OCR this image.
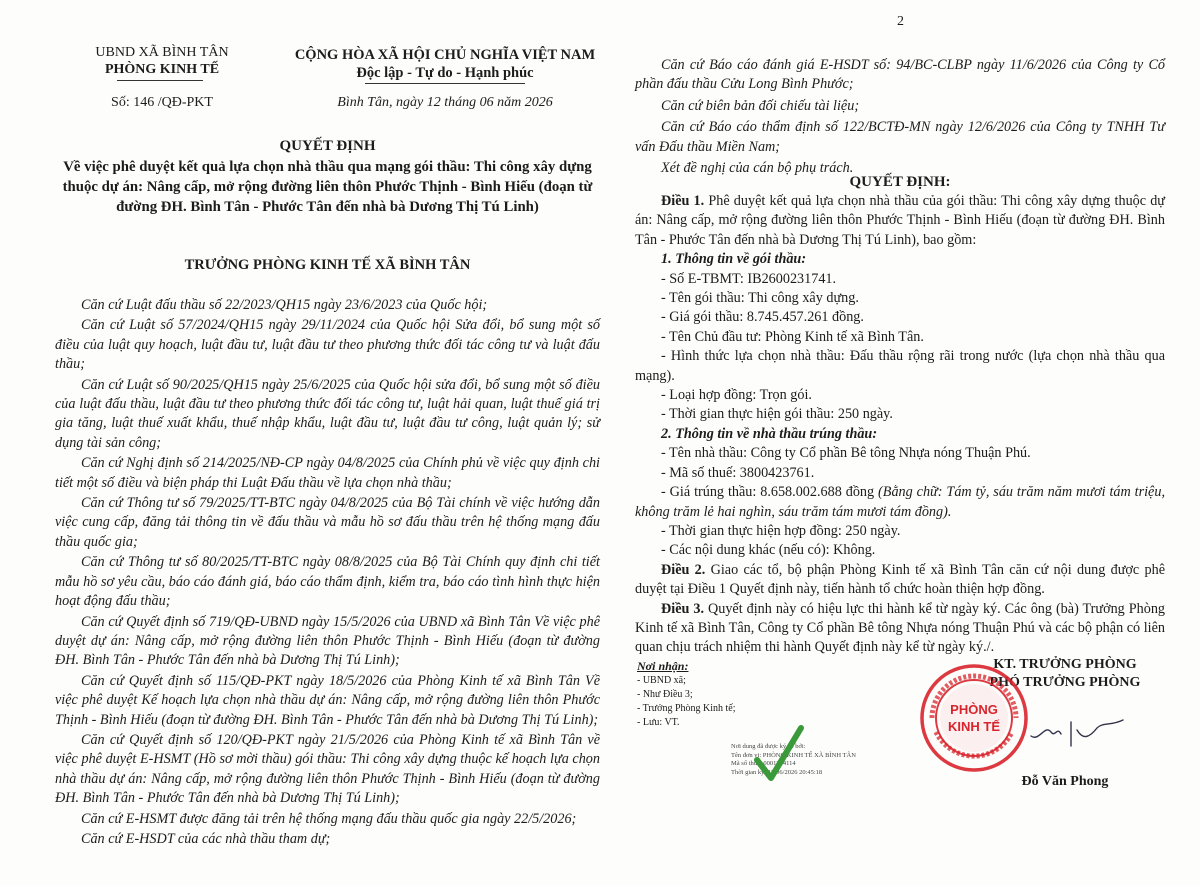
UBND XÃ BÌNH TÂN
PHÒNG KINH TẾ
Số: 146 /QĐ-PKT
CỘNG HÒA XÃ HỘI CHỦ NGHĨA VIỆT NAM
Độc lập - Tự do - Hạnh phúc
Bình Tân, ngày 12 tháng 06 năm 2026
QUYẾT ĐỊNH
Về việc phê duyệt kết quả lựa chọn nhà thầu qua mạng gói thầu: Thi công xây dựng thuộc dự án: Nâng cấp, mở rộng đường liên thôn Phước Thịnh - Bình Hiếu (đoạn từ đường ĐH. Bình Tân - Phước Tân đến nhà bà Dương Thị Tú Linh)
TRƯỞNG PHÒNG KINH TẾ XÃ BÌNH TÂN

Căn cứ Luật đấu thầu số 22/2023/QH15 ngày 23/6/2023 của Quốc hội;

Căn cứ Luật số 57/2024/QH15 ngày 29/11/2024 của Quốc hội Sửa đổi, bổ sung một số điều của luật quy hoạch, luật đầu tư, luật đầu tư theo phương thức đối tác công tư và luật đấu thầu;

Căn cứ Luật số 90/2025/QH15 ngày 25/6/2025 của Quốc hội sửa đổi, bổ sung một số điều của luật đấu thầu, luật đầu tư theo phương thức đối tác công tư, luật hải quan, luật thuế giá trị gia tăng, luật thuế xuất khẩu, thuế nhập khẩu, luật đầu tư, luật đầu tư công, luật quản lý; sử dụng tài sản công;

Căn cứ Nghị định số 214/2025/NĐ-CP ngày 04/8/2025 của Chính phủ về việc quy định chi tiết một số điều và biện pháp thi Luật Đấu thầu về lựa chọn nhà thầu;

Căn cứ Thông tư số 79/2025/TT-BTC ngày 04/8/2025 của Bộ Tài chính về việc hướng dẫn việc cung cấp, đăng tải thông tin về đấu thầu và mẫu hồ sơ đấu thầu trên hệ thống mạng đấu thầu quốc gia;

Căn cứ Thông tư số 80/2025/TT-BTC ngày 08/8/2025 của Bộ Tài Chính quy định chi tiết mẫu hồ sơ yêu cầu, báo cáo đánh giá, báo cáo thẩm định, kiểm tra, báo cáo tình hình thực hiện hoạt động đấu thầu;

Căn cứ Quyết định số 719/QĐ-UBND ngày 15/5/2026 của UBND xã Bình Tân Về việc phê duyệt dự án: Nâng cấp, mở rộng đường liên thôn Phước Thịnh - Bình Hiếu (đoạn từ đường ĐH. Bình Tân - Phước Tân đến nhà bà Dương Thị Tú Linh);

Căn cứ Quyết định số 115/QĐ-PKT ngày 18/5/2026 của Phòng Kinh tế xã Bình Tân Về việc phê duyệt Kế hoạch lựa chọn nhà thầu dự án: Nâng cấp, mở rộng đường liên thôn Phước Thịnh - Bình Hiếu (đoạn từ đường ĐH. Bình Tân - Phước Tân đến nhà bà Dương Thị Tú Linh);

Căn cứ Quyết định số 120/QĐ-PKT ngày 21/5/2026 của Phòng Kinh tế xã Bình Tân về việc phê duyệt E-HSMT (Hồ sơ mời thầu) gói thầu: Thi công xây dựng thuộc kế hoạch lựa chọn nhà thầu dự án: Nâng cấp, mở rộng đường liên thôn Phước Thịnh - Bình Hiếu (đoạn từ đường ĐH. Bình Tân - Phước Tân đến nhà bà Dương Thị Tú Linh);

Căn cứ E-HSMT được đăng tải trên hệ thống mạng đấu thầu quốc gia ngày 22/5/2026;

Căn cứ E-HSDT của các nhà thầu tham dự;

2

Căn cứ Báo cáo đánh giá E-HSDT số: 94/BC-CLBP ngày 11/6/2026 của Công ty Cổ phần đấu thầu Cửu Long Bình Phước;

Căn cứ biên bản đối chiếu tài liệu;

Căn cứ Báo cáo thẩm định số 122/BCTĐ-MN ngày 12/6/2026 của Công ty TNHH Tư vấn Đấu thầu Miền Nam;

Xét đề nghị của cán bộ phụ trách.

QUYẾT ĐỊNH:

Điều 1. Phê duyệt kết quả lựa chọn nhà thầu của gói thầu: Thi công xây dựng thuộc dự án: Nâng cấp, mở rộng đường liên thôn Phước Thịnh - Bình Hiếu (đoạn từ đường ĐH. Bình Tân - Phước Tân đến nhà bà Dương Thị Tú Linh), bao gồm:

1. Thông tin về gói thầu:

- Số E-TBMT: IB2600231741.

- Tên gói thầu: Thi công xây dựng.

- Giá gói thầu: 8.745.457.261 đồng.

- Tên Chủ đầu tư: Phòng Kinh tế xã Bình Tân.

- Hình thức lựa chọn nhà thầu: Đấu thầu rộng rãi trong nước (lựa chọn nhà thầu qua mạng).

- Loại hợp đồng: Trọn gói.

- Thời gian thực hiện gói thầu: 250 ngày.

2. Thông tin về nhà thầu trúng thầu:

- Tên nhà thầu: Công ty Cổ phần Bê tông Nhựa nóng Thuận Phú.

- Mã số thuế: 3800423761.

- Giá trúng thầu: 8.658.002.688 đồng (Bằng chữ: Tám tỷ, sáu trăm năm mươi tám triệu, không trăm lẻ hai nghìn, sáu trăm tám mươi tám đồng).

- Thời gian thực hiện hợp đồng: 250 ngày.

- Các nội dung khác (nếu có): Không.

Điều 2. Giao các tổ, bộ phận Phòng Kinh tế xã Bình Tân căn cứ nội dung được phê duyệt tại Điều 1 Quyết định này, tiến hành tổ chức hoàn thiện hợp đồng.

Điều 3. Quyết định này có hiệu lực thi hành kể từ ngày ký. Các ông (bà) Trưởng Phòng Kinh tế xã Bình Tân, Công ty Cổ phần Bê tông Nhựa nóng Thuận Phú và các bộ phận có liên quan chịu trách nhiệm thi hành Quyết định này kể từ ngày ký./.

Nơi nhận:
- UBND xã;
- Như Điều 3;
- Trưởng Phòng Kinh tế;
- Lưu: VT.
Nơi dung đã được ký số bởi:
Tên đơn vị: PHÒNG KINH TẾ XÃ BÌNH TÂN
Mã số thuế: 0001324114
Thời gian ký: 15/06/2026 20:45:18
KT. TRƯỞNG PHÒNG
PHÓ TRƯỞNG PHÒNG
PHÒNG
KINH TẾ
Đỗ Văn Phong
